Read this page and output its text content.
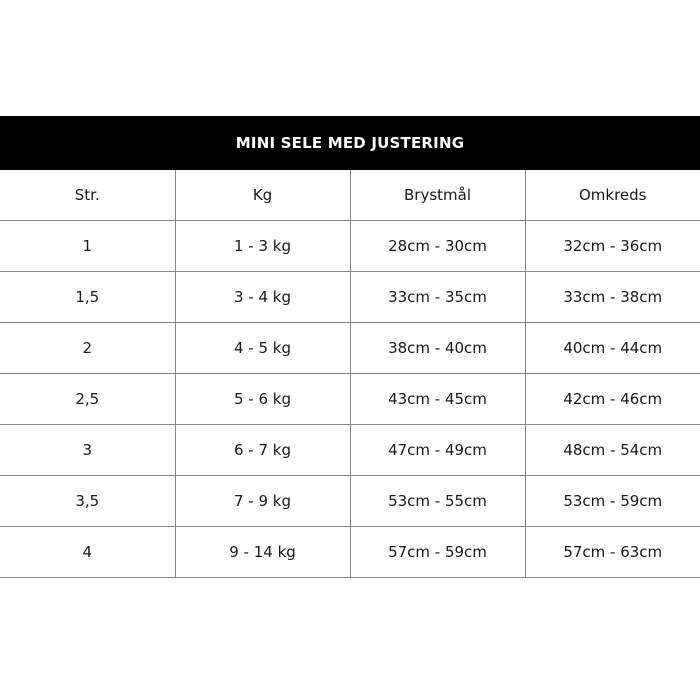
MINI SELE MED JUSTERING			
Str.	Kg	Brystmål	Omkreds
1	1 - 3 kg	28cm - 30cm	32cm - 36cm
1,5	3 - 4 kg	33cm - 35cm	33cm - 38cm
2	4 - 5 kg	38cm - 40cm	40cm - 44cm
2,5	5 - 6 kg	43cm - 45cm	42cm - 46cm
3	6 - 7 kg	47cm - 49cm	48cm - 54cm
3,5	7 - 9 kg	53cm - 55cm	53cm - 59cm
4	9 - 14 kg	57cm - 59cm	57cm - 63cm
